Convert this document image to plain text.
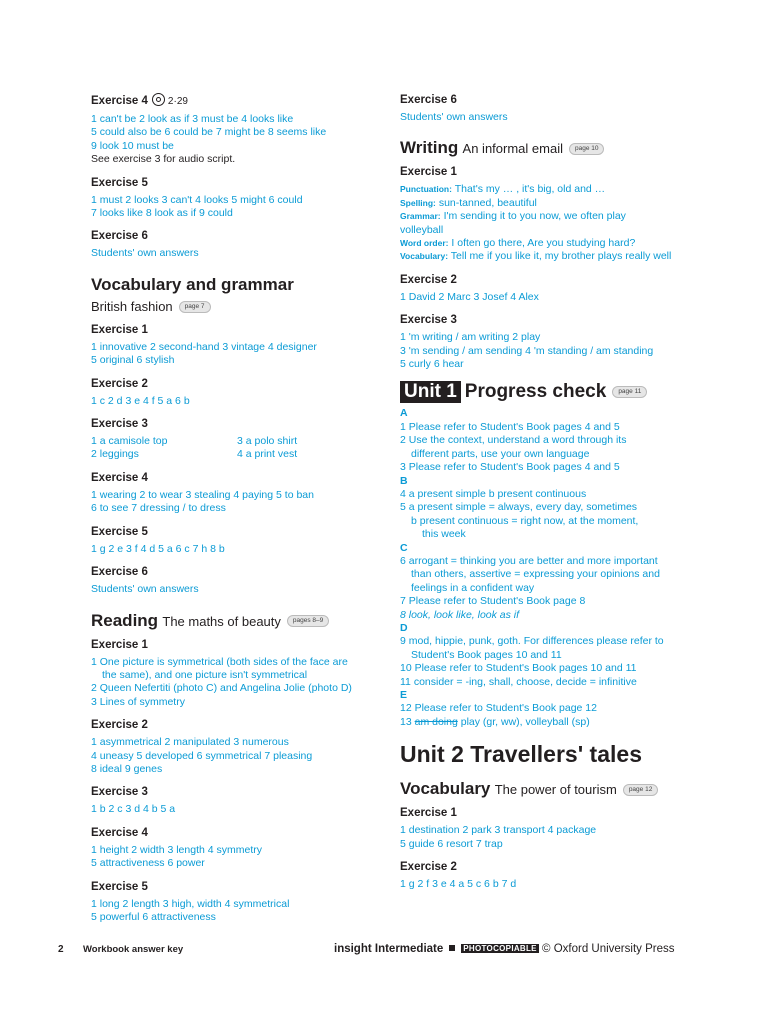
Exercise 4 2·29
1 can't be 2 look as if 3 must be 4 looks like
5 could also be 6 could be 7 might be 8 seems like
9 look 10 must be
See exercise 3 for audio script.
Exercise 5
1 must 2 looks 3 can't 4 looks 5 might 6 could
7 looks like 8 look as if 9 could
Exercise 6
Students' own answers
Vocabulary and grammar
British fashion page 7
Exercise 1
1 innovative 2 second-hand 3 vintage 4 designer
5 original 6 stylish
Exercise 2
1 c 2 d 3 e 4 f 5 a 6 b
Exercise 3
1 a camisole top
2 leggings
3 a polo shirt
4 a print vest
Exercise 4
1 wearing 2 to wear 3 stealing 4 paying 5 to ban
6 to see 7 dressing / to dress
Exercise 5
1 g 2 e 3 f 4 d 5 a 6 c 7 h 8 b
Exercise 6
Students' own answers
Reading The maths of beauty pages 8–9
Exercise 1
1 One picture is symmetrical (both sides of the face are
the same), and one picture isn't symmetrical
2 Queen Nefertiti (photo C) and Angelina Jolie (photo D)
3 Lines of symmetry
Exercise 2
1 asymmetrical 2 manipulated 3 numerous
4 uneasy 5 developed 6 symmetrical 7 pleasing
8 ideal 9 genes
Exercise 3
1 b 2 c 3 d 4 b 5 a
Exercise 4
1 height 2 width 3 length 4 symmetry
5 attractiveness 6 power
Exercise 5
1 long 2 length 3 high, width 4 symmetrical
5 powerful 6 attractiveness
Exercise 6
Students' own answers
Writing An informal email page 10
Exercise 1
Punctuation: That's my … , it's big, old and …
Spelling: sun-tanned, beautiful
Grammar: I'm sending it to you now, we often play
volleyball
Word order: I often go there, Are you studying hard?
Vocabulary: Tell me if you like it, my brother plays really well
Exercise 2
1 David 2 Marc 3 Josef 4 Alex
Exercise 3
1 'm writing / am writing 2 play
3 'm sending / am sending 4 'm standing / am standing
5 curly 6 hear
Unit 1 Progress check page 11
A
1 Please refer to Student's Book pages 4 and 5
2 Use the context, understand a word through its
different parts, use your own language
3 Please refer to Student's Book pages 4 and 5
B
4 a present simple b present continuous
5 a present simple = always, every day, sometimes
b present continuous = right now, at the moment,
this week
C
6 arrogant = thinking you are better and more important
than others, assertive = expressing your opinions and
feelings in a confident way
7 Please refer to Student's Book page 8
8 look, look like, look as if
D
9 mod, hippie, punk, goth. For differences please refer to
Student's Book pages 10 and 11
10 Please refer to Student's Book pages 10 and 11
11 consider = -ing, shall, choose, decide = infinitive
E
12 Please refer to Student's Book page 12
13 am doing play (gr, ww), volleyball (sp)
Unit 2 Travellers' tales
Vocabulary The power of tourism page 12
Exercise 1
1 destination 2 park 3 transport 4 package
5 guide 6 resort 7 trap
Exercise 2
1 g 2 f 3 e 4 a 5 c 6 b 7 d
2 Workbook answer key	insight Intermediate	PHOTOCOPIABLE © Oxford University Press
